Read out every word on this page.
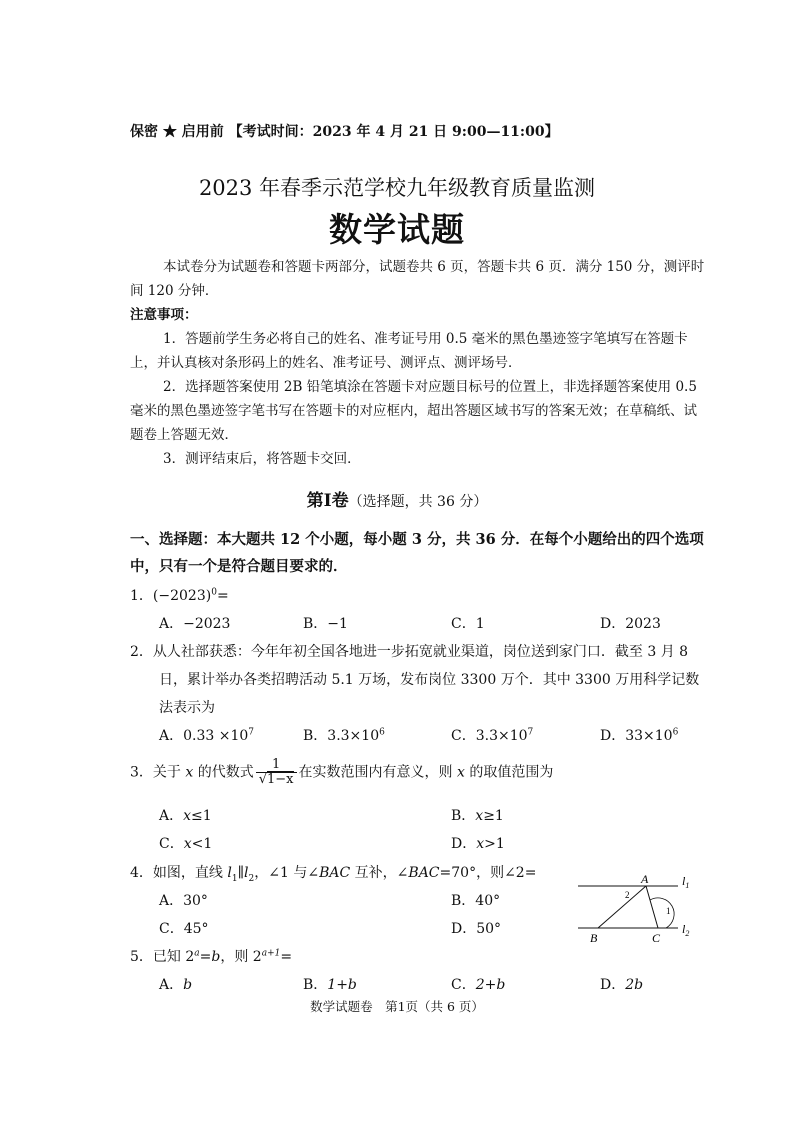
保密 ★ 启用前 【考试时间：2023 年 4 月 21 日 9:00—11:00】
2023 年春季示范学校九年级教育质量监测
数学试题
本试卷分为试题卷和答题卡两部分，试题卷共 6 页，答题卡共 6 页．满分 150 分，测评时间 120 分钟．
注意事项：
1．答题前学生务必将自己的姓名、准考证号用 0.5 毫米的黑色墨迹签字笔填写在答题卡上，并认真核对条形码上的姓名、准考证号、测评点、测评场号．
2．选择题答案使用 2B 铅笔填涂在答题卡对应题目标号的位置上，非选择题答案使用 0.5 毫米的黑色墨迹签字笔书写在答题卡的对应框内，超出答题区域书写的答案无效；在草稿纸、试题卷上答题无效．
3．测评结束后，将答题卡交回．
第Ⅰ卷（选择题，共 36 分）
一、选择题：本大题共 12 个小题，每小题 3 分，共 36 分．在每个小题给出的四个选项中，只有一个是符合题目要求的．
1．$(-2023)^0=$
A．−2023	B．−1	C．1	D．2023
2．从人社部获悉：今年年初全国各地进一步拓宽就业渠道，岗位送到家门口．截至 3 月 8
日，累计举办各类招聘活动 5.1 万场，发布岗位 3300 万个．其中 3300 万用科学记数
法表示为
A．$0.33 \times 10^7$	B．$3.3\times 10^6$	C．$3.3\times 10^7$	D．$33\times 10^6$
3．关于 x 的代数式 $\frac{1}{√1-x}$ 在实数范围内有意义，则 x 的取值范围为
A．x≤1	B．x≥1
C．x<1	D．x>1
4．如图，直线 $l_1\parallel l_2$，∠1 与∠BAC 互补，∠BAC=70°，则∠2=
A．30°	B．40°
C．45°	D．50°
A
B	C
2
1
$l_1$
$l_2$
5．已知 $2^a=b$，则 $2^{a+1}=$
A．b	B．1+b	C．2+b	D．2b
数学试题卷　第1页（共 6 页）
